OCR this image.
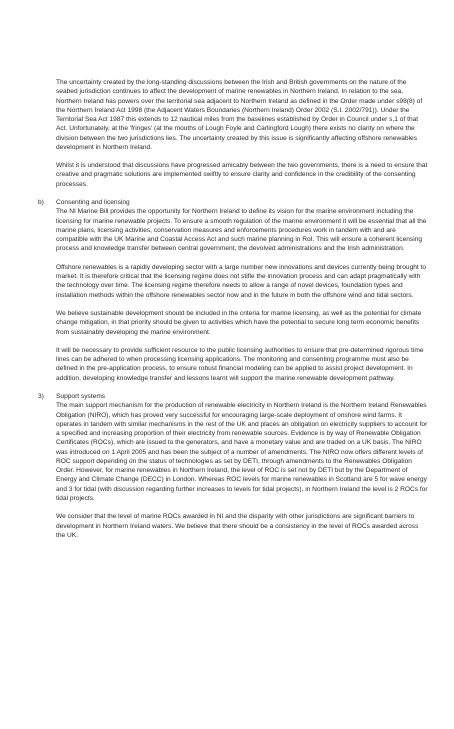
The uncertainty created by the long-standing discussions between the Irish and British governments on the nature of the seabed jurisdiction continues to affect the development of marine renewables in Northern Ireland. In relation to the sea, Northern Ireland has powers over the territorial sea adjacent to Northern Ireland as defined in the Order made under s98(8) of the Northern Ireland Act 1998 (the Adjacent Waters Boundaries (Northern Ireland) Order 2002 (S.I. 2002/791)). Under the Territorial Sea Act 1987 this extends to 12 nautical miles from the baselines established by Order in Council under s.1 of that Act. Unfortunately, at the 'fringes' (at the mouths of Lough Foyle and Carlingford Lough) there exists no clarity on where the division between the two jurisdictions lies. The uncertainty created by this issue is significantly affecting offshore renewables development in Northern Ireland.

Whilst it is understood that discussions have progressed amicably between the two governments, there is a need to ensure that creative and pragmatic solutions are implemented swiftly to ensure clarity and confidence in the credibility of the consenting processes.

b) Consenting and licensing

The NI Marine Bill provides the opportunity for Northern Ireland to define its vision for the marine environment including the licensing for marine renewable projects. To ensure a smooth regulation of the marine environment it will be essential that all the marine plans, licensing activities, conservation measures and enforcements procedures work in tandem with and are compatible with the UK Marine and Coastal Access Act and such marine planning in RoI. This will ensure a coherent licensing process and knowledge transfer between central government, the devolved administrations and the Irish administration.

Offshore renewables is a rapidly developing sector with a large number new innovations and devices currently being brought to market. It is therefore critical that the licensing regime does not stifle the innovation process and can adapt pragmatically with the technology over time. The licensing regime therefore needs to allow a range of novel devices, foundation types and installation methods within the offshore renewables sector now and in the future in both the offshore wind and tidal sectors.

We believe sustainable development should be included in the criteria for marine licensing, as well as the potential for climate change mitigation, in that priority should be given to activities which have the potential to secure long term economic benefits from sustainably developing the marine environment.

It will be necessary to provide sufficient resource to the public licensing authorities to ensure that pre-determined rigorous time lines can be adhered to when processing licensing applications. The monitoring and consenting programme must also be defined in the pre-application process, to ensure robust financial modeling can be applied to assist project development. In addition, developing knowledge transfer and lessons learnt will support the marine renewable development pathway.

3) Support systems

The main support mechanism for the production of renewable electricity in Northern Ireland is the Northern Ireland Renewables Obligation (NIRO), which has proved very successful for encouraging large-scale deployment of onshore wind farms. It operates in tandem with similar mechanisms in the rest of the UK and places an obligation on electricity suppliers to account for a specified and increasing proportion of their electricity from renewable sources. Evidence is by way of Renewable Obligation Certificates (ROCs), which are issued to the generators, and have a monetary value and are traded on a UK basis. The NIRO was introduced on 1 April 2005 and has been the subject of a number of amendments. The NIRO now offers different levels of ROC support depending on the status of technologies as set by DETI, through amendments to the Renewables Obligation Order. However, for marine renewables in Northern Ireland, the level of ROC is set not by DETI but by the Department of Energy and Climate Change (DECC) in London. Whereas ROC levels for marine renewables in Scotland are 5 for wave energy and 3 for tidal (with discussion regarding further increases to levels for tidal projects), in Northern Ireland the level is 2 ROCs for tidal projects.

We consider that the level of marine ROCs awarded in NI and the disparity with other jurisdictions are significant barriers to development in Northern Ireland waters. We believe that there should be a consistency in the level of ROCs awarded across the UK.
